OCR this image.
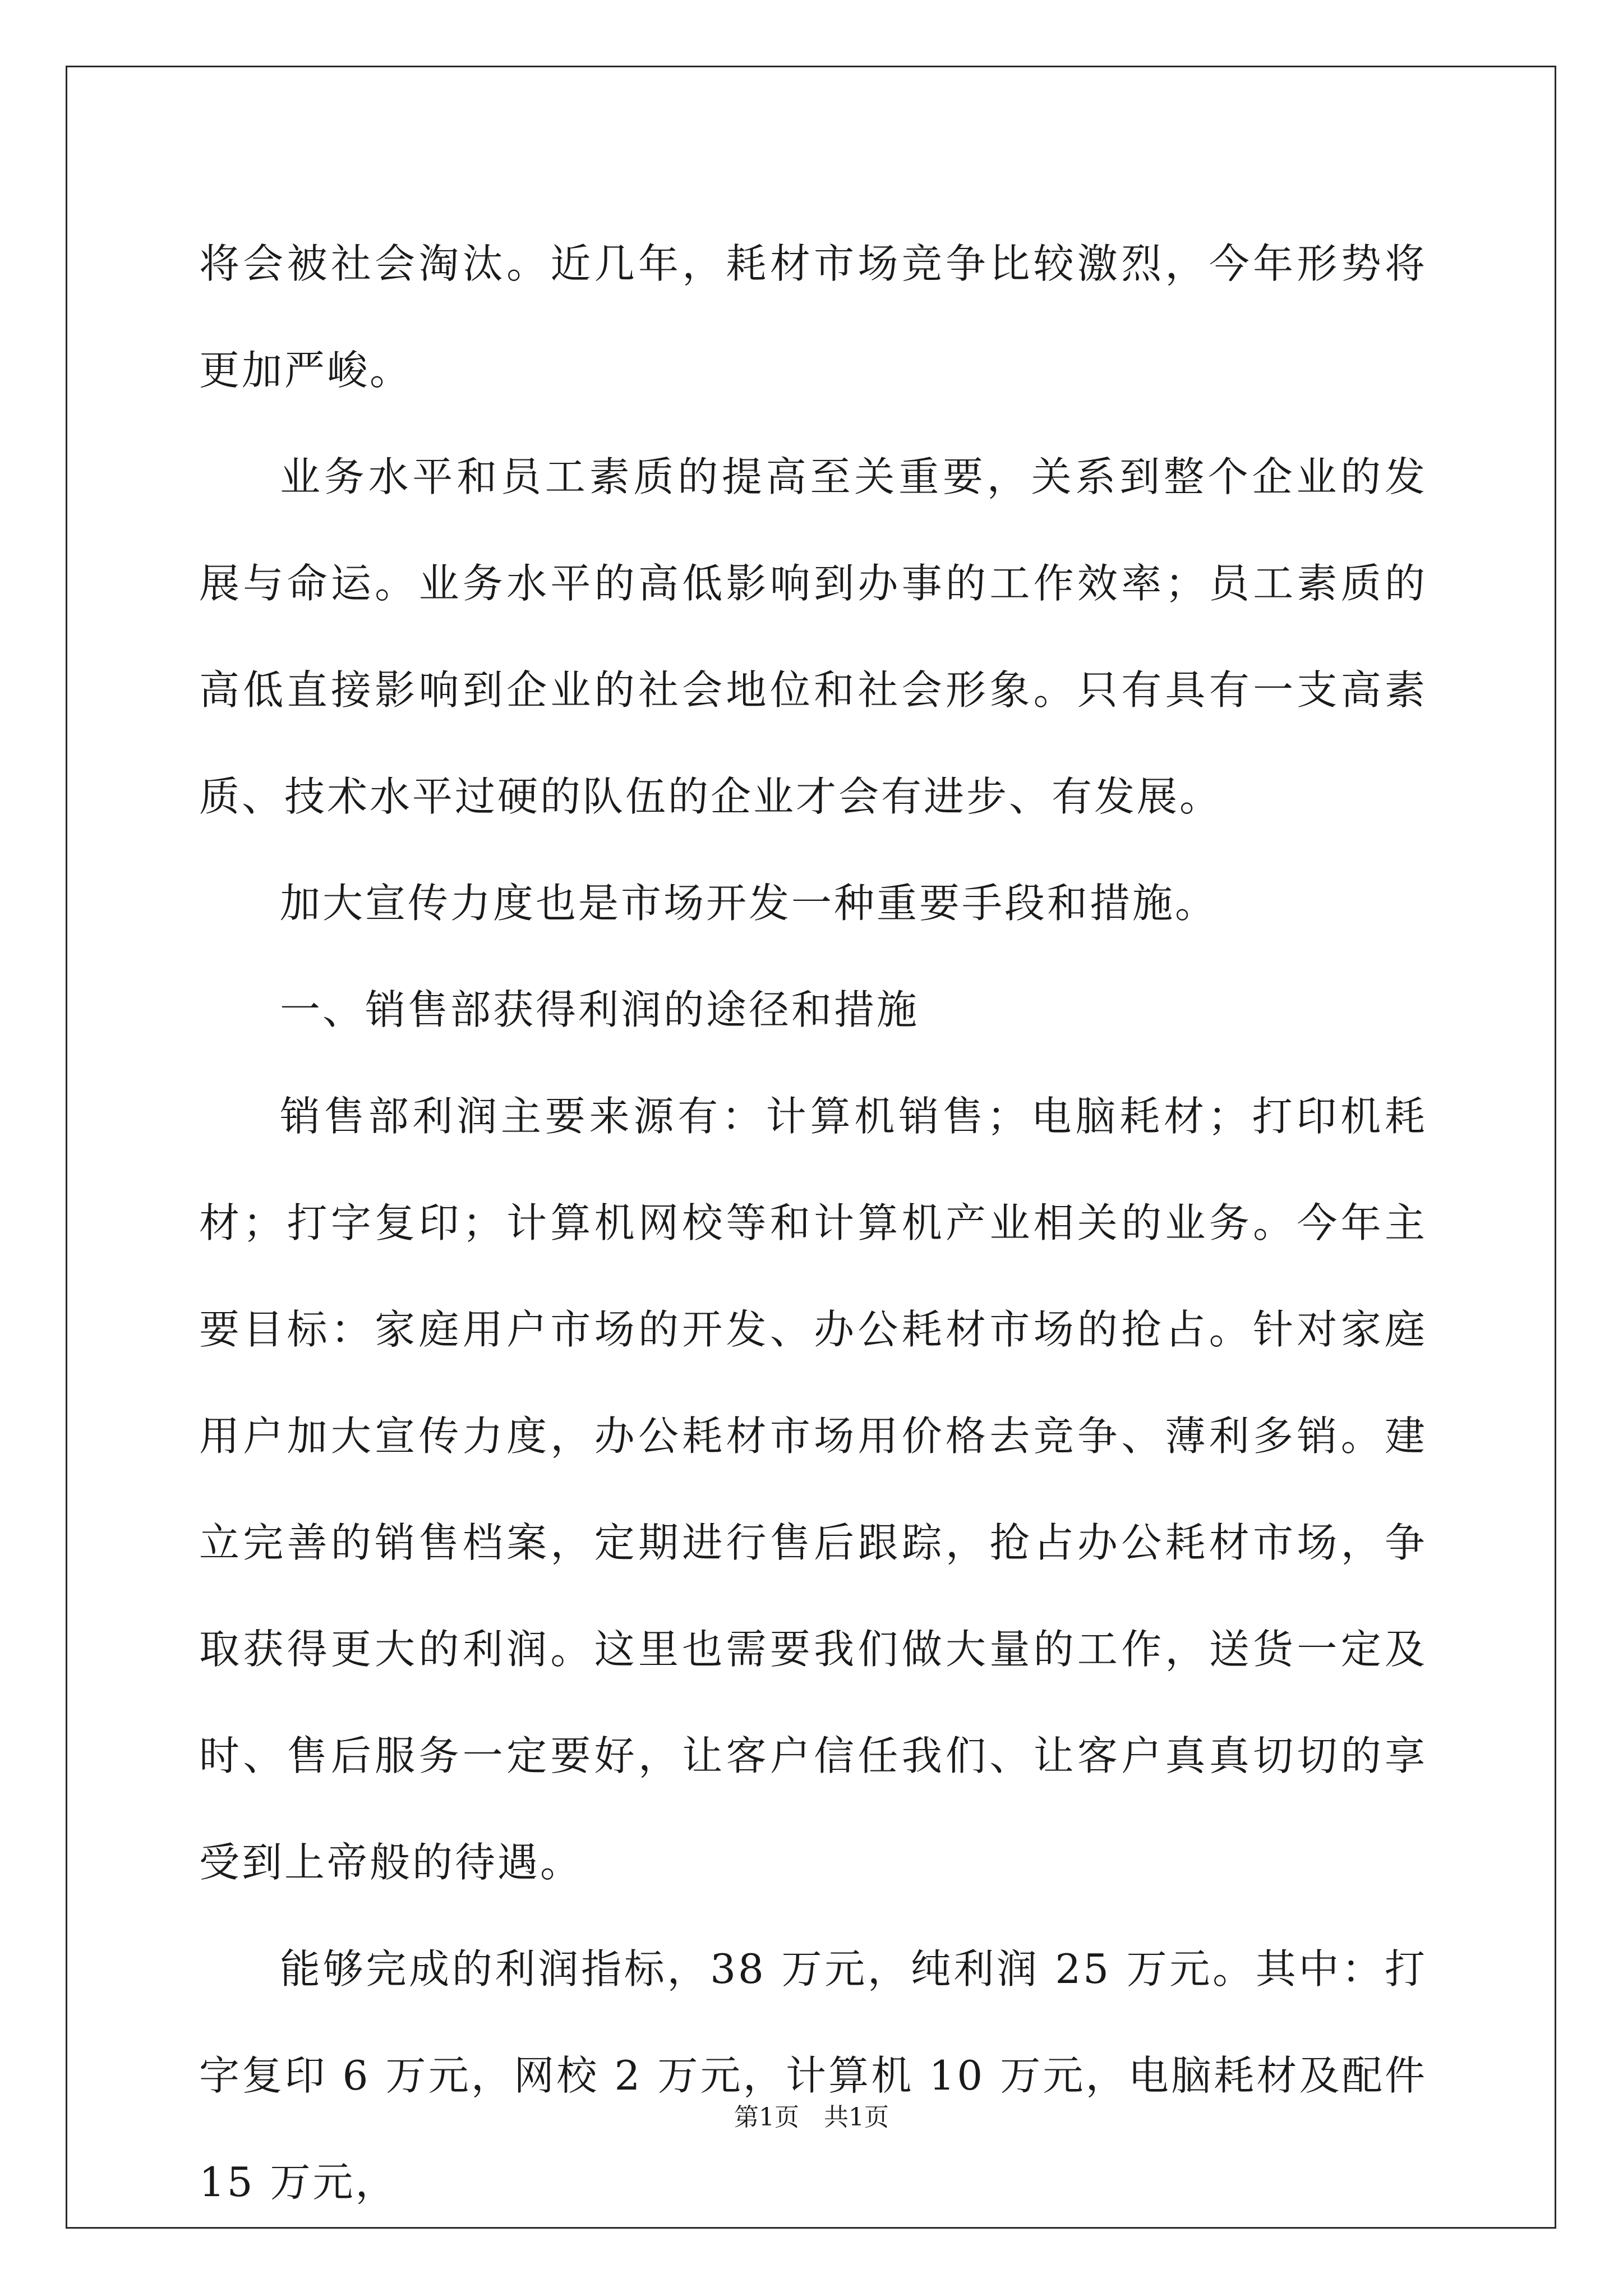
将会被社会淘汰。近几年，耗材市场竞争比较激烈，今年形势将更加严峻。

业务水平和员工素质的提高至关重要，关系到整个企业的发展与命运。业务水平的高低影响到办事的工作效率；员工素质的高低直接影响到企业的社会地位和社会形象。只有具有一支高素质、技术水平过硬的队伍的企业才会有进步、有发展。

加大宣传力度也是市场开发一种重要手段和措施。

一、销售部获得利润的途径和措施

销售部利润主要来源有：计算机销售；电脑耗材；打印机耗材；打字复印；计算机网校等和计算机产业相关的业务。今年主要目标：家庭用户市场的开发、办公耗材市场的抢占。针对家庭用户加大宣传力度，办公耗材市场用价格去竞争、薄利多销。建立完善的销售档案，定期进行售后跟踪，抢占办公耗材市场，争取获得更大的利润。这里也需要我们做大量的工作，送货一定及时、售后服务一定要好，让客户信任我们、让客户真真切切的享受到上帝般的待遇。

能够完成的利润指标，38 万元，纯利润 25 万元。其中：打字复印 6 万元，网校 2 万元，计算机 10 万元，电脑耗材及配件 15 万元，

第1页 共1页
